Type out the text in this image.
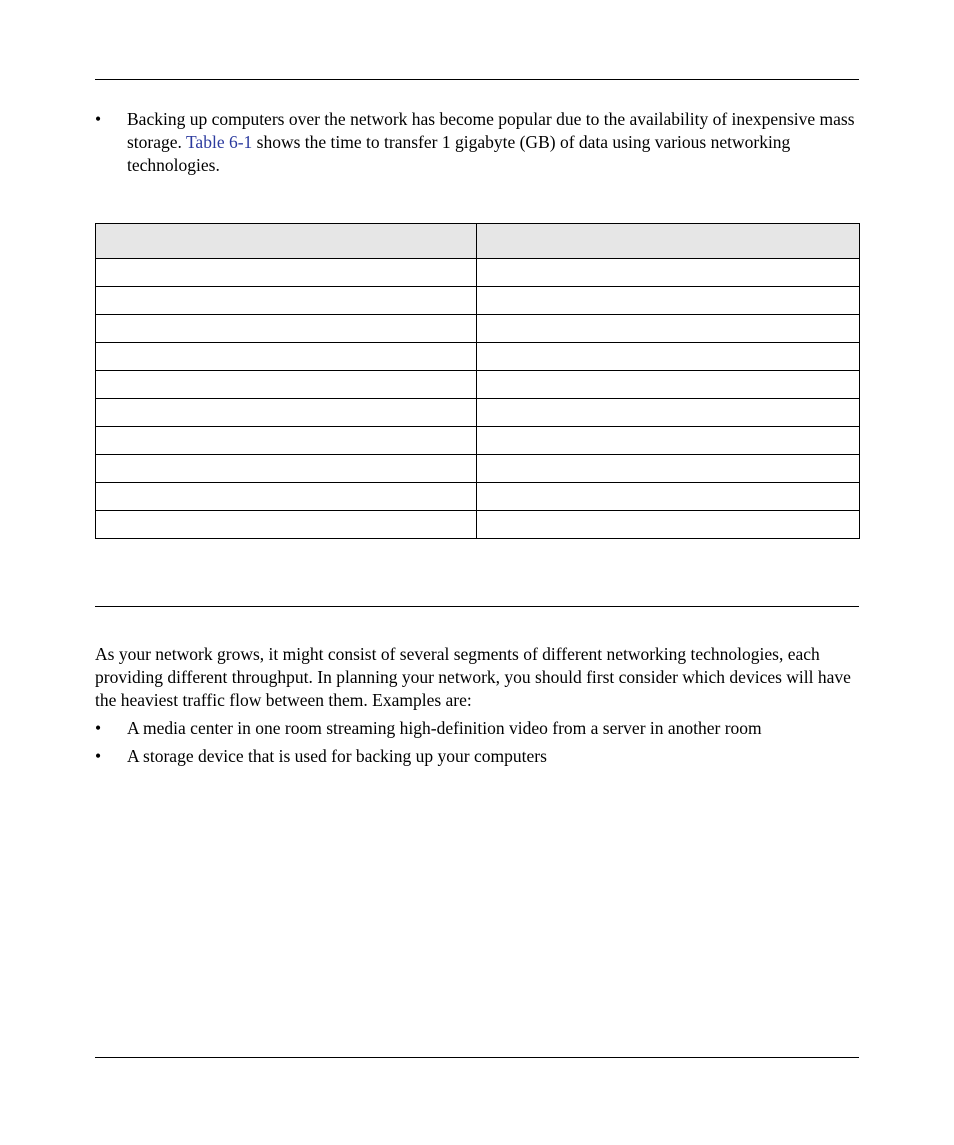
•	Backing up computers over the network has become popular due to the availability of inexpensive mass storage. Table 6-1 shows the time to transfer 1 gigabyte (GB) of data using various networking technologies.

As your network grows, it might consist of several segments of different networking technologies, each providing different throughput. In planning your network, you should first consider which devices will have the heaviest traffic flow between them. Examples are:
•	A media center in one room streaming high-definition video from a server in another room
•	A storage device that is used for backing up your computers
